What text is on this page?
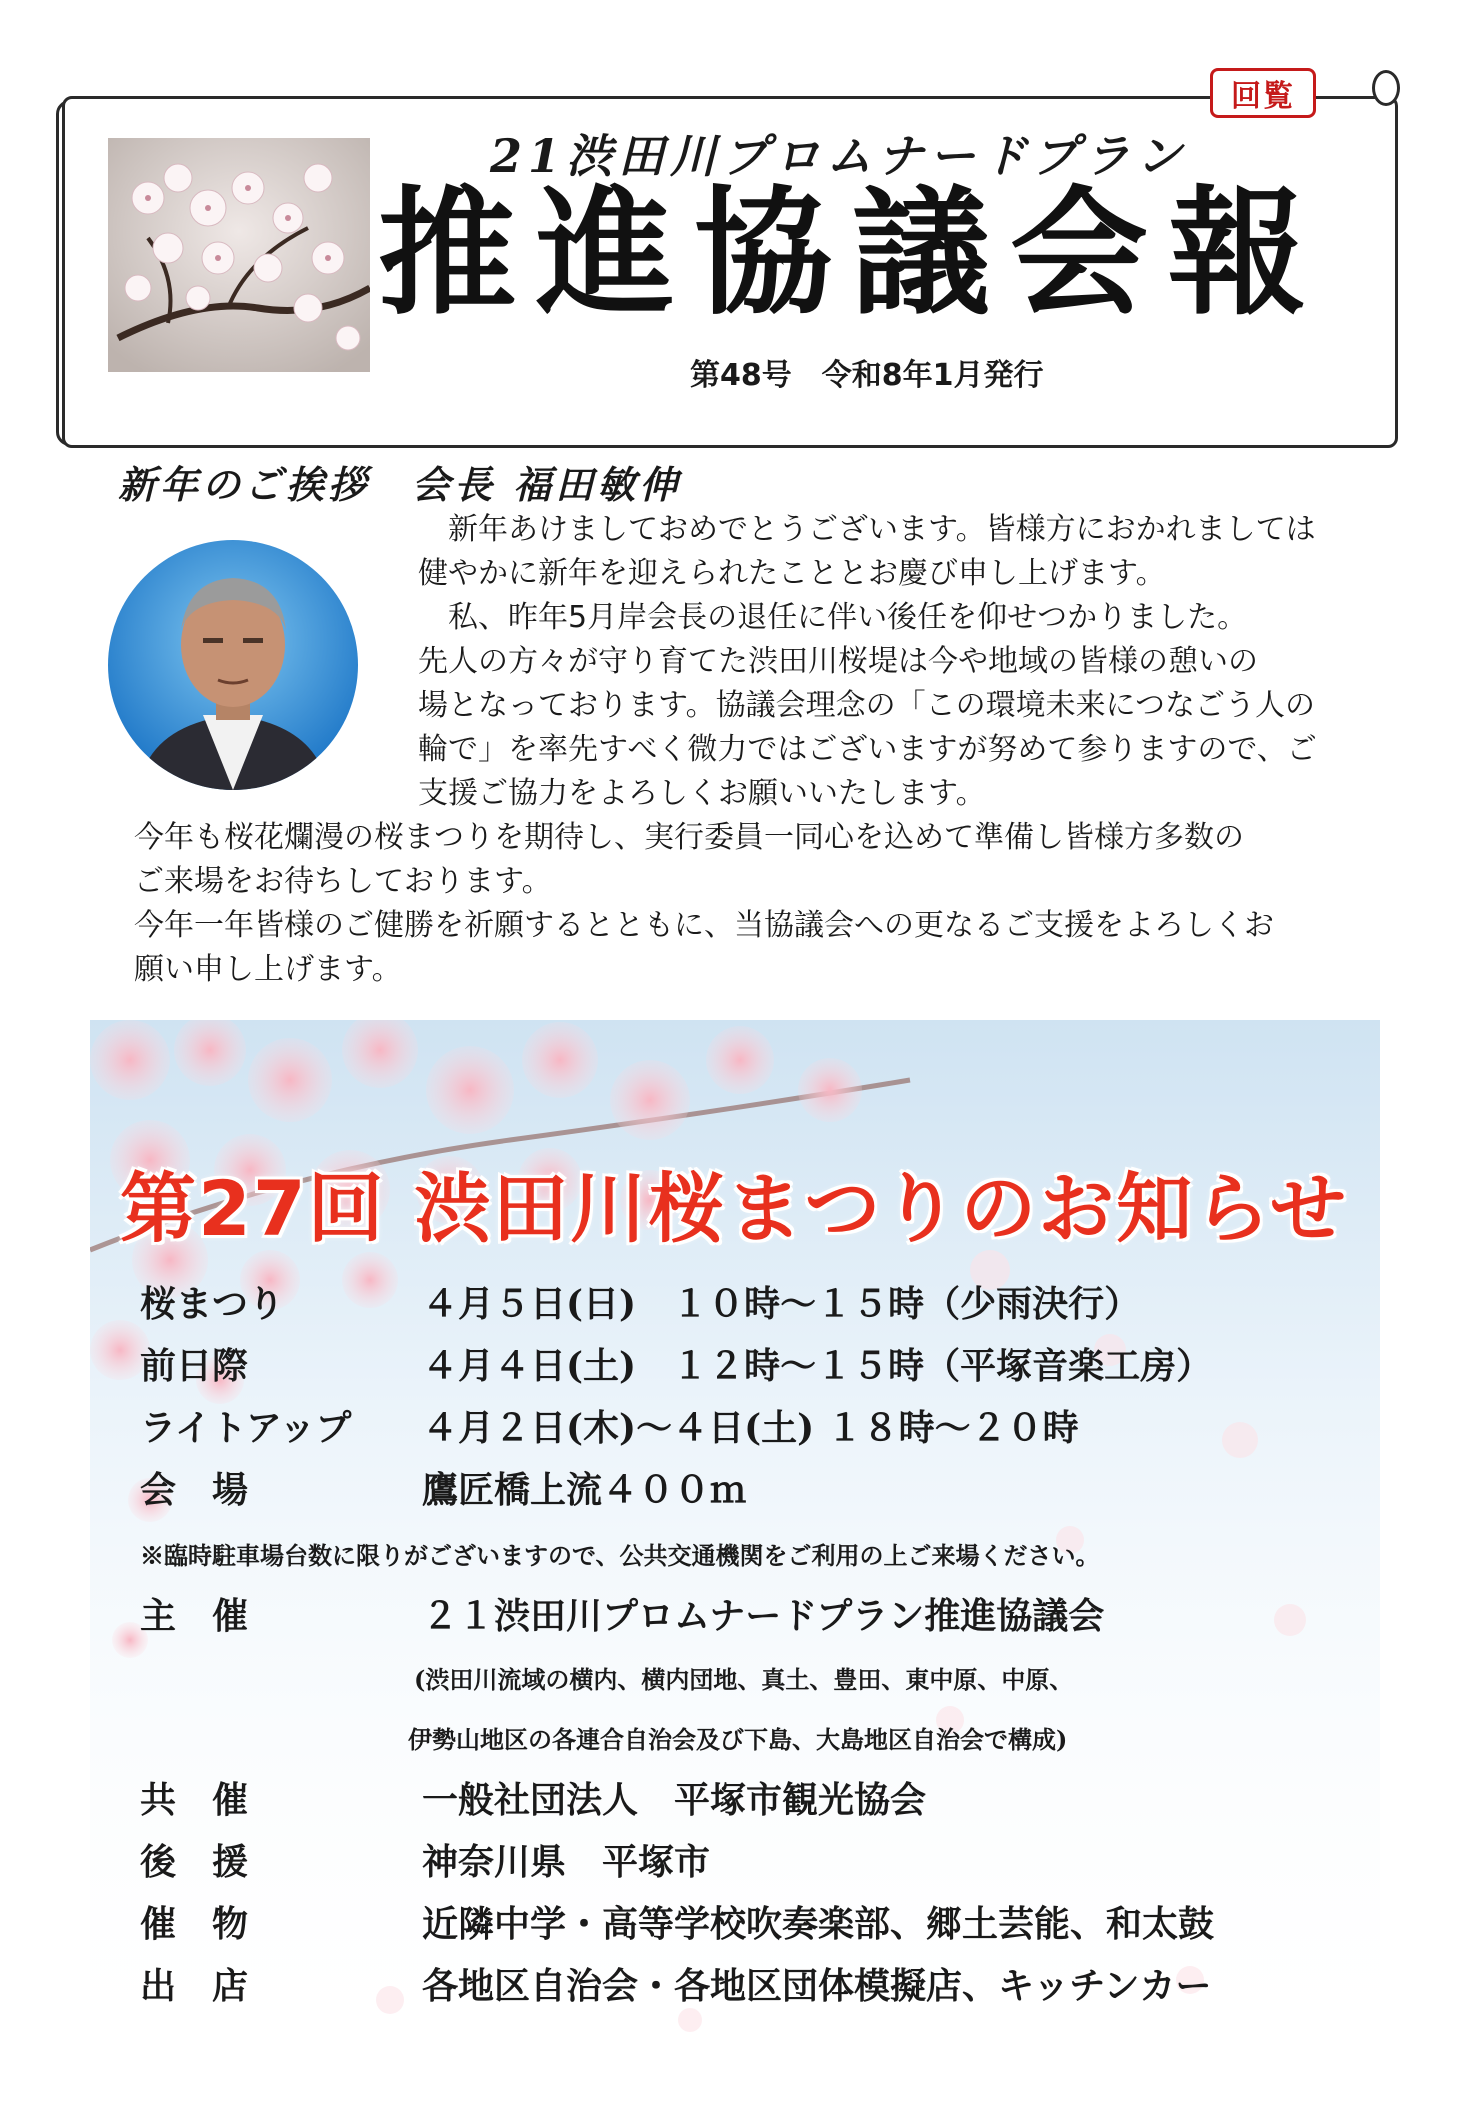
回覧
21渋田川プロムナードプラン
推進協議会報
第48号　令和8年1月発行
新年のご挨拶　会長 福田敏伸
　新年あけましておめでとうございます。皆様方におかれましては
健やかに新年を迎えられたこととお慶び申し上げます。
　私、昨年5月岸会長の退任に伴い後任を仰せつかりました。
先人の方々が守り育てた渋田川桜堤は今や地域の皆様の憩いの
場となっております。協議会理念の「この環境未来につなごう人の
輪で」を率先すべく微力ではございますが努めて参りますので、ご
支援ご協力をよろしくお願いいたします。
今年も桜花爛漫の桜まつりを期待し、実行委員一同心を込めて準備し皆様方多数の
ご来場をお待ちしております。
今年一年皆様のご健勝を祈願するとともに、当協議会への更なるご支援をよろしくお
願い申し上げます。
第27回 渋田川桜まつりのお知らせ
桜まつり	４月５日(日)　１０時～１５時（少雨決行）
前日際	４月４日(土)　１２時～１５時（平塚音楽工房）
ライトアップ ４月２日(木)～４日(土) １８時～２０時
会　場	鷹匠橋上流４００ｍ
※臨時駐車場台数に限りがございますので、公共交通機関をご利用の上ご来場ください。
主　催	２１渋田川プロムナードプラン推進協議会
(渋田川流域の横内、横内団地、真土、豊田、東中原、中原、
伊勢山地区の各連合自治会及び下島、大島地区自治会で構成)
共　催	一般社団法人　平塚市観光協会
後　援	神奈川県　平塚市
催　物	近隣中学・高等学校吹奏楽部、郷土芸能、和太鼓
出　店	各地区自治会・各地区団体模擬店、キッチンカー
